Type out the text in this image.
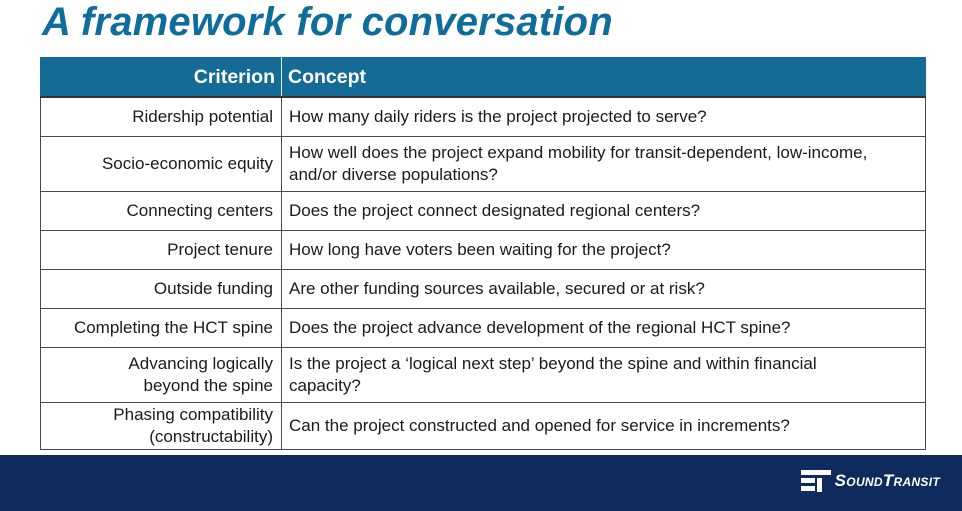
A framework for conversation
Criterion	Concept
Ridership potential	How many daily riders is the project projected to serve?
Socio-economic equity	How well does the project expand mobility for transit-dependent, low-income, and/or diverse populations?
Connecting centers	Does the project connect designated regional centers?
Project tenure	How long have voters been waiting for the project?
Outside funding	Are other funding sources available, secured or at risk?
Completing the HCT spine	Does the project advance development of the regional HCT spine?
Advancing logically beyond the spine	Is the project a ‘logical next step’ beyond the spine and within financial capacity?
Phasing compatibility (constructability)	Can the project constructed and opened for service in increments?
SoundTransit
